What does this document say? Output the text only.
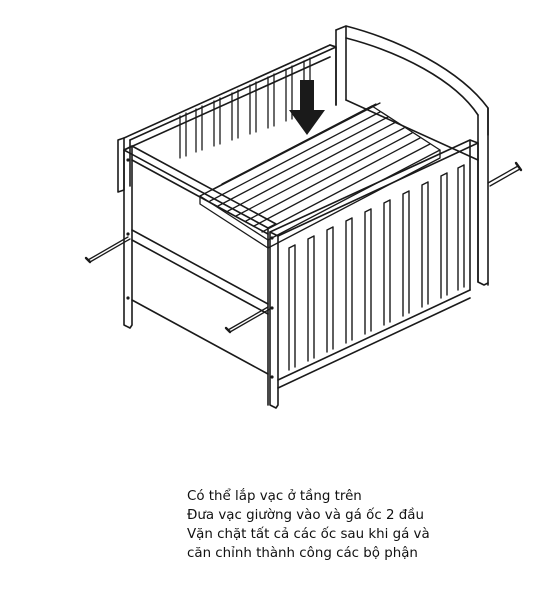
Có thể lắp vạc ở tầng trên
Đưa vạc giường vào và gá ốc 2 đầu
Vặn chặt tất cả các ốc sau khi gá và
căn chỉnh thành công các bộ phận
